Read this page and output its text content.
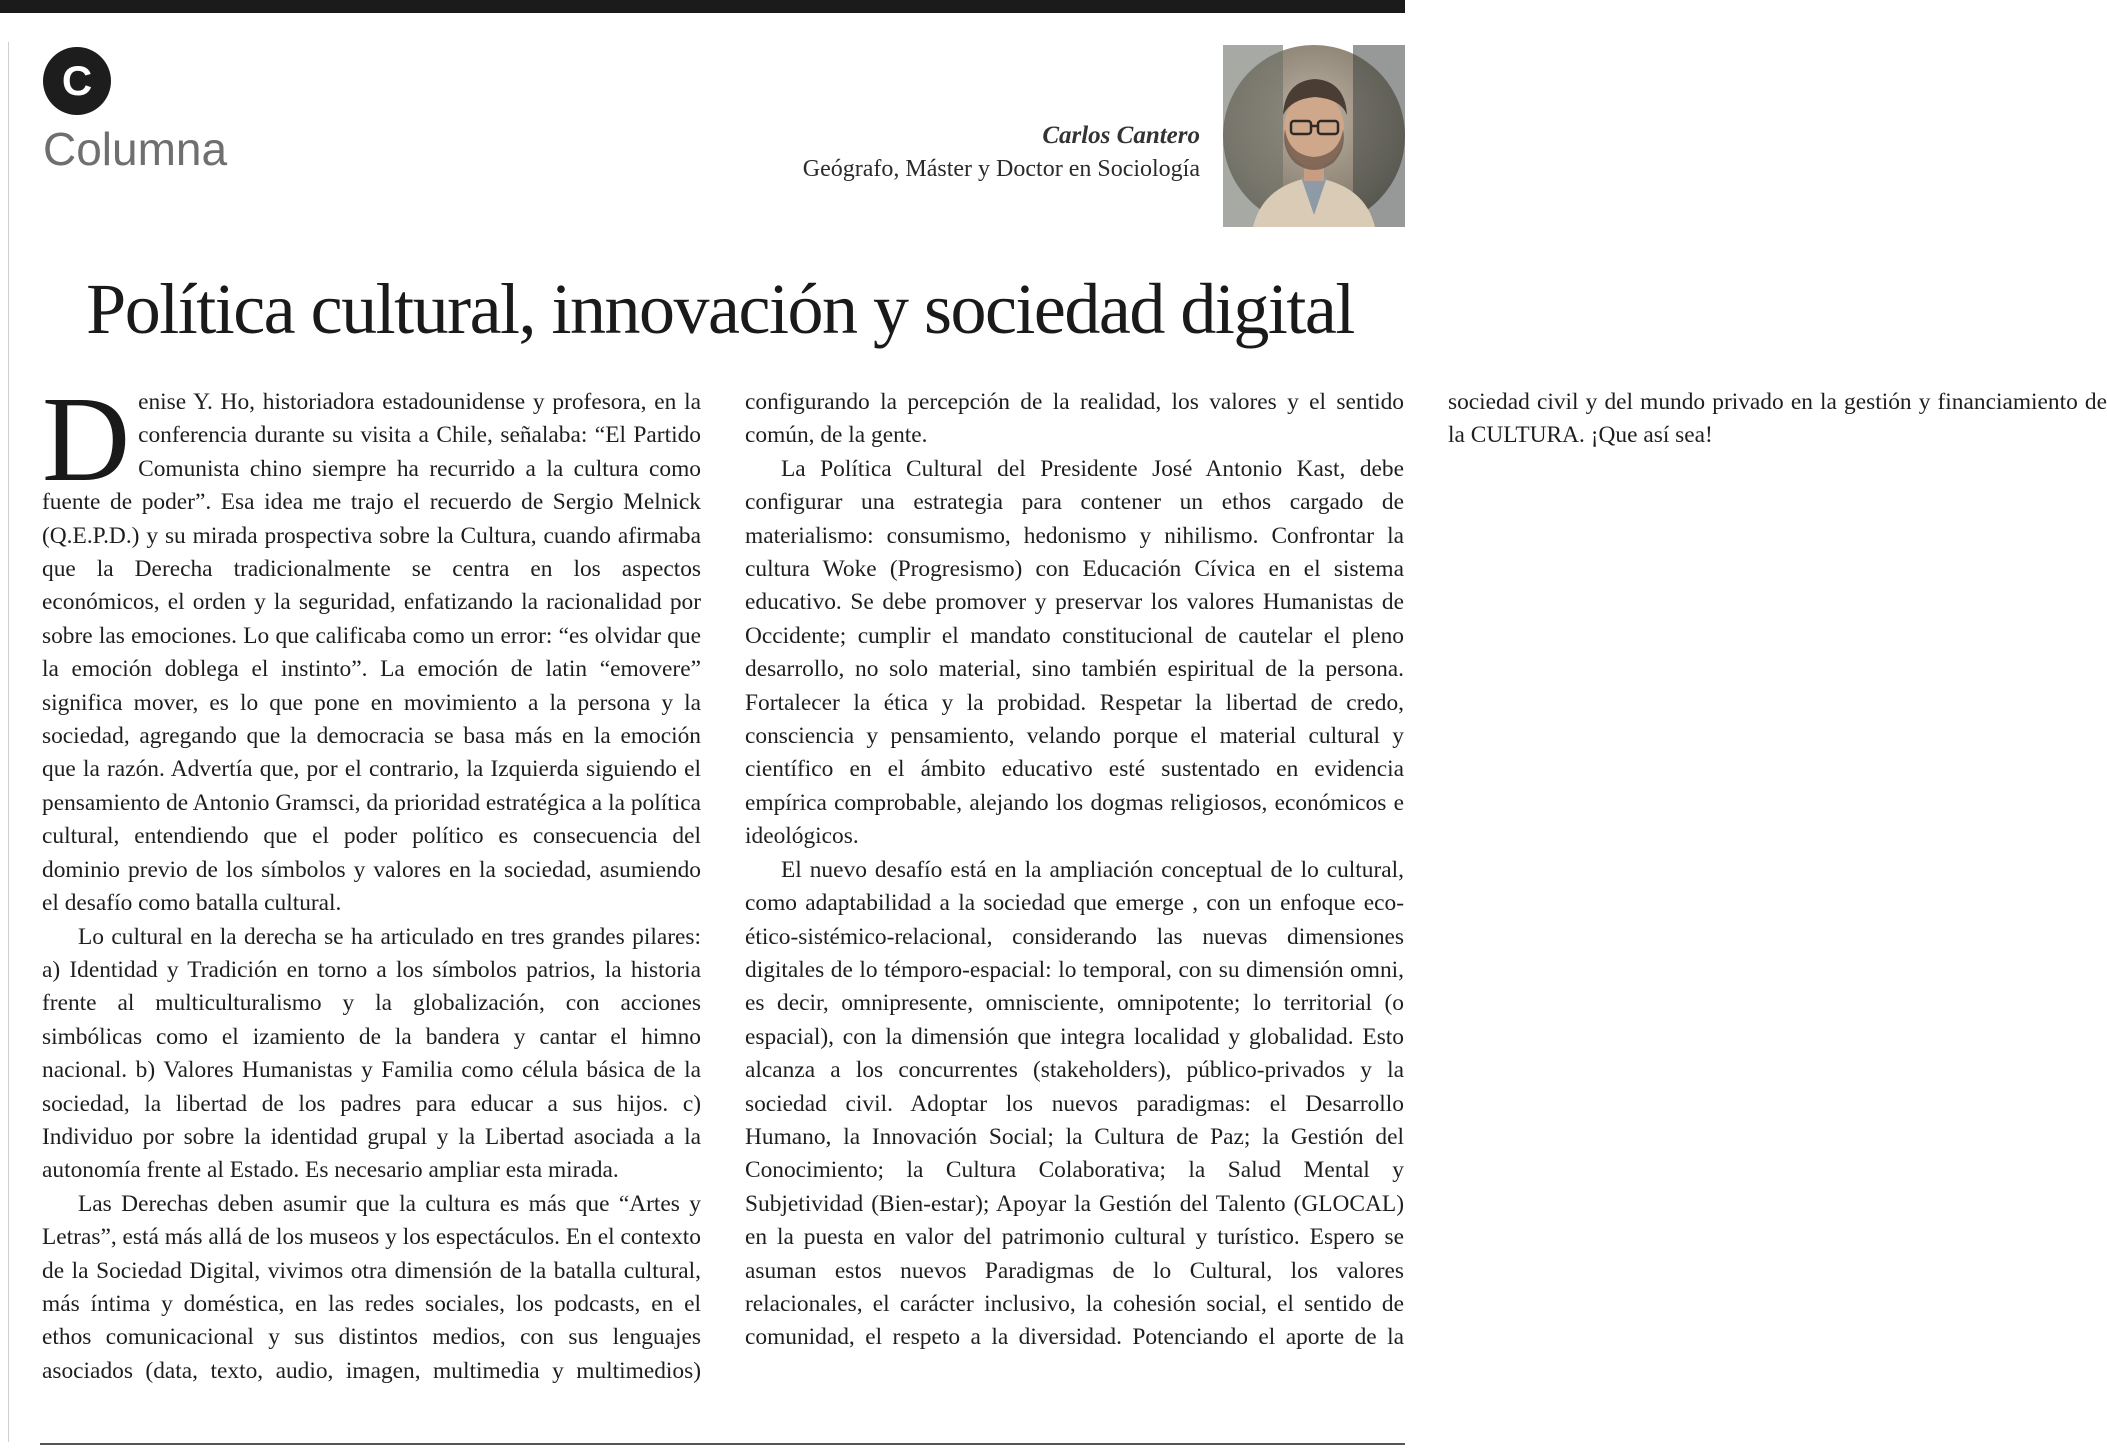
C
Columna	Carlos Cantero
Geógrafo, Máster y Doctor en Sociología
Política cultural, innovación y sociedad digital

Denise Y. Ho, historiadora estadounidense y profesora, en la conferencia durante su visita a Chile, señalaba: “El Partido Comunista chino siempre ha recurrido a la cultura como fuente de poder”. Esa idea me trajo el recuerdo de Sergio Melnick (Q.E.P.D.) y su mirada prospectiva sobre la Cultura, cuando afirmaba que la Derecha tradicionalmente se centra en los aspectos económicos, el orden y la seguridad, enfatizando la racionalidad por sobre las emociones. Lo que calificaba como un error: “es olvidar que la emoción doblega el instinto”. La emoción de latin “emovere” significa mover, es lo que pone en movimiento a la persona y la sociedad, agregando que la democracia se basa más en la emoción que la razón. Advertía que, por el contrario, la Izquierda siguiendo el pensamiento de Antonio Gramsci, da prioridad estratégica a la política cultural, entendiendo que el poder político es consecuencia del dominio previo de los símbolos y valores en la sociedad, asumiendo el desafío como batalla cultural.

Lo cultural en la derecha se ha articulado en tres grandes pilares: a) Identidad y Tradición en torno a los símbolos patrios, la historia frente al multiculturalismo y la globalización, con acciones simbólicas como el izamiento de la bandera y cantar el himno nacional. b) Valores Humanistas y Familia como célula básica de la sociedad, la libertad de los padres para educar a sus hijos. c) Individuo por sobre la identidad grupal y la Libertad asociada a la autonomía frente al Estado. Es necesario ampliar esta mirada.

Las Derechas deben asumir que la cultura es más que “Artes y Letras”, está más allá de los museos y los espectáculos. En el contexto de la Sociedad Digital, vivimos otra dimensión de la batalla cultural, más íntima y doméstica, en las redes sociales, los podcasts, en el ethos comunicacional y sus distintos medios, con sus lenguajes asociados (data, texto, audio, imagen, multimedia y multimedios) configurando la percepción de la realidad, los valores y el sentido común, de la gente.

La Política Cultural del Presidente José Antonio Kast, debe configurar una estrategia para contener un ethos cargado de materialismo: consumismo, hedonismo y nihilismo. Confrontar la cultura Woke (Progresismo) con Educación Cívica en el sistema educativo. Se debe promover y preservar los valores Humanistas de Occidente; cumplir el mandato constitucional de cautelar el pleno desarrollo, no solo material, sino también espiritual de la persona. Fortalecer la ética y la probidad. Respetar la libertad de credo, consciencia y pensamiento, velando porque el material cultural y científico en el ámbito educativo esté sustentado en evidencia empírica comprobable, alejando los dogmas religiosos, económicos e ideológicos.

El nuevo desafío está en la ampliación conceptual de lo cultural, como adaptabilidad a la sociedad que emerge , con un enfoque eco-ético-sistémico-relacional, considerando las nuevas dimensiones digitales de lo témporo-espacial: lo temporal, con su dimensión omni, es decir, omnipresente, omnisciente, omnipotente; lo territorial (o espacial), con la dimensión que integra localidad y globalidad. Esto alcanza a los concurrentes (stakeholders), público-privados y la sociedad civil. Adoptar los nuevos paradigmas: el Desarrollo Humano, la Innovación Social; la Cultura de Paz; la Gestión del Conocimiento; la Cultura Colaborativa; la Salud Mental y Subjetividad (Bien-estar); Apoyar la Gestión del Talento (GLOCAL) en la puesta en valor del patrimonio cultural y turístico. Espero se asuman estos nuevos Paradigmas de lo Cultural, los valores relacionales, el carácter inclusivo, la cohesión social, el sentido de comunidad, el respeto a la diversidad. Potenciando el aporte de la sociedad civil y del mundo privado en la gestión y financiamiento de la CULTURA. ¡Que así sea!
